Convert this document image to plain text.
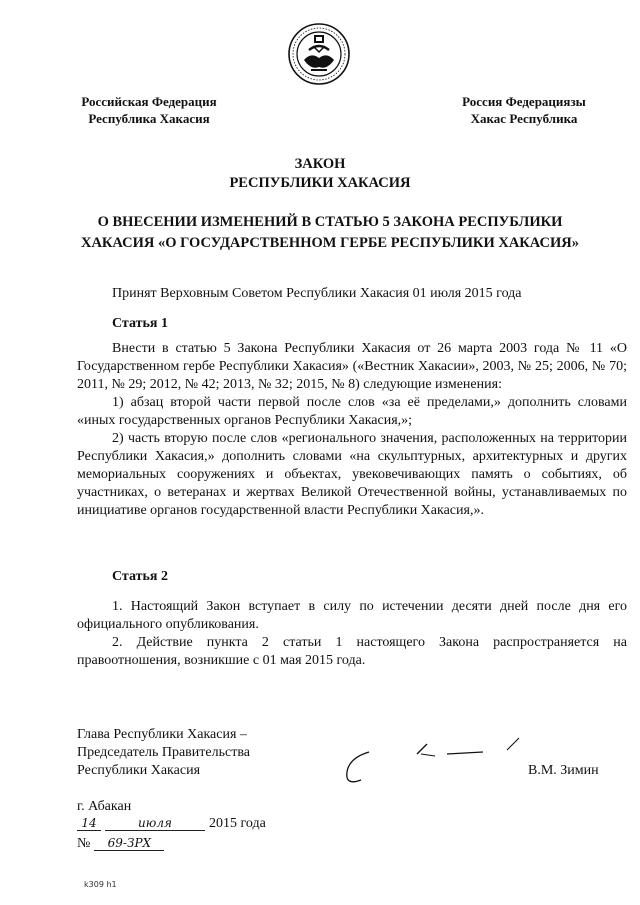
Российская Федерация
Республика Хакасия
Россия Федерациязы
Хакас Республика
ЗАКОН
РЕСПУБЛИКИ ХАКАСИЯ
О ВНЕСЕНИИ ИЗМЕНЕНИЙ В СТАТЬЮ 5 ЗАКОНА РЕСПУБЛИКИ ХАКАСИЯ «О ГОСУДАРСТВЕННОМ ГЕРБЕ РЕСПУБЛИКИ ХАКАСИЯ»
Принят Верховным Советом Республики Хакасия 01 июля 2015 года
Статья 1

Внести в статью 5 Закона Республики Хакасия от 26 марта 2003 года № 11 «О Государственном гербе Республики Хакасия» («Вестник Хакасии», 2003, № 25; 2006, № 70; 2011, № 29; 2012, № 42; 2013, № 32; 2015, № 8) следующие изменения:

1) абзац второй части первой после слов «за её пределами,» дополнить словами «иных государственных органов Республики Хакасия,»;

2) часть вторую после слов «регионального значения, расположенных на территории Республики Хакасия,» дополнить словами «на скульптурных, архитектурных и других мемориальных сооружениях и объектах, увековечивающих память о событиях, об участниках, о ветеранах и жертвах Великой Отечественной войны, устанавливаемых по инициативе органов государственной власти Республики Хакасия,».

Статья 2

1. Настоящий Закон вступает в силу по истечении десяти дней после дня его официального опубликования.

2. Действие пункта 2 статьи 1 настоящего Закона распространяется на правоотношения, возникшие с 01 мая 2015 года.

Глава Республики Хакасия –
Председатель Правительства
Республики Хакасия	В.М. Зимин
г. Абакан
14	июля	2015 года
№ 69-ЗРХ
k309 h1
